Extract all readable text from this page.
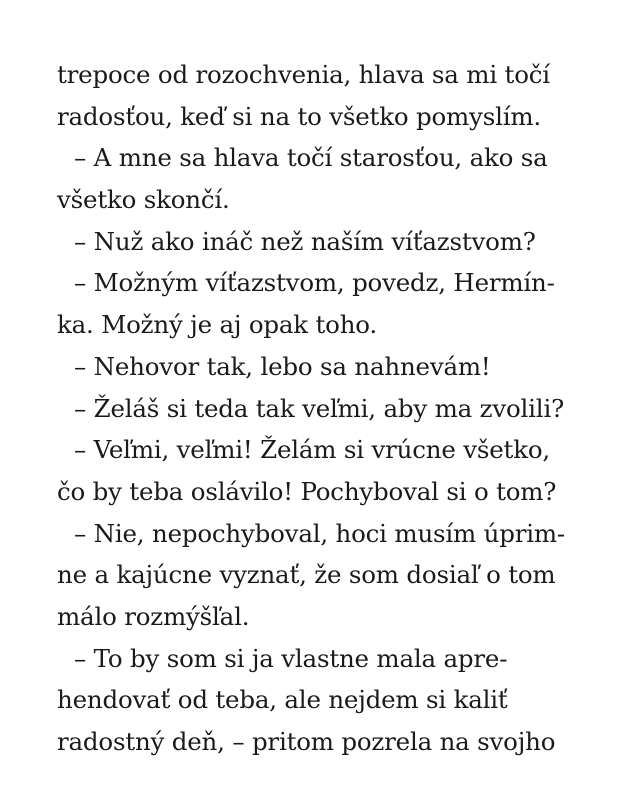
trepoce od rozochvenia, hlava sa mi točí
radosťou, keď si na to všetko pomyslím.
– A mne sa hlava točí starosťou, ako sa
všetko skončí.
– Nuž ako ináč než naším víťazstvom?
– Možným víťazstvom, povedz, Hermín-
ka. Možný je aj opak toho.
– Nehovor tak, lebo sa nahnevám!
– Želáš si teda tak veľmi, aby ma zvolili?
– Veľmi, veľmi! Želám si vrúcne všetko,
čo by teba oslávilo! Pochyboval si o tom?
– Nie, nepochyboval, hoci musím úprim-
ne a kajúcne vyznať, že som dosiaľ o tom
málo rozmýšľal.
– To by som si ja vlastne mala apre-
hendovať od teba, ale nejdem si kaliť
radostný deň, – pritom pozrela na svojho
